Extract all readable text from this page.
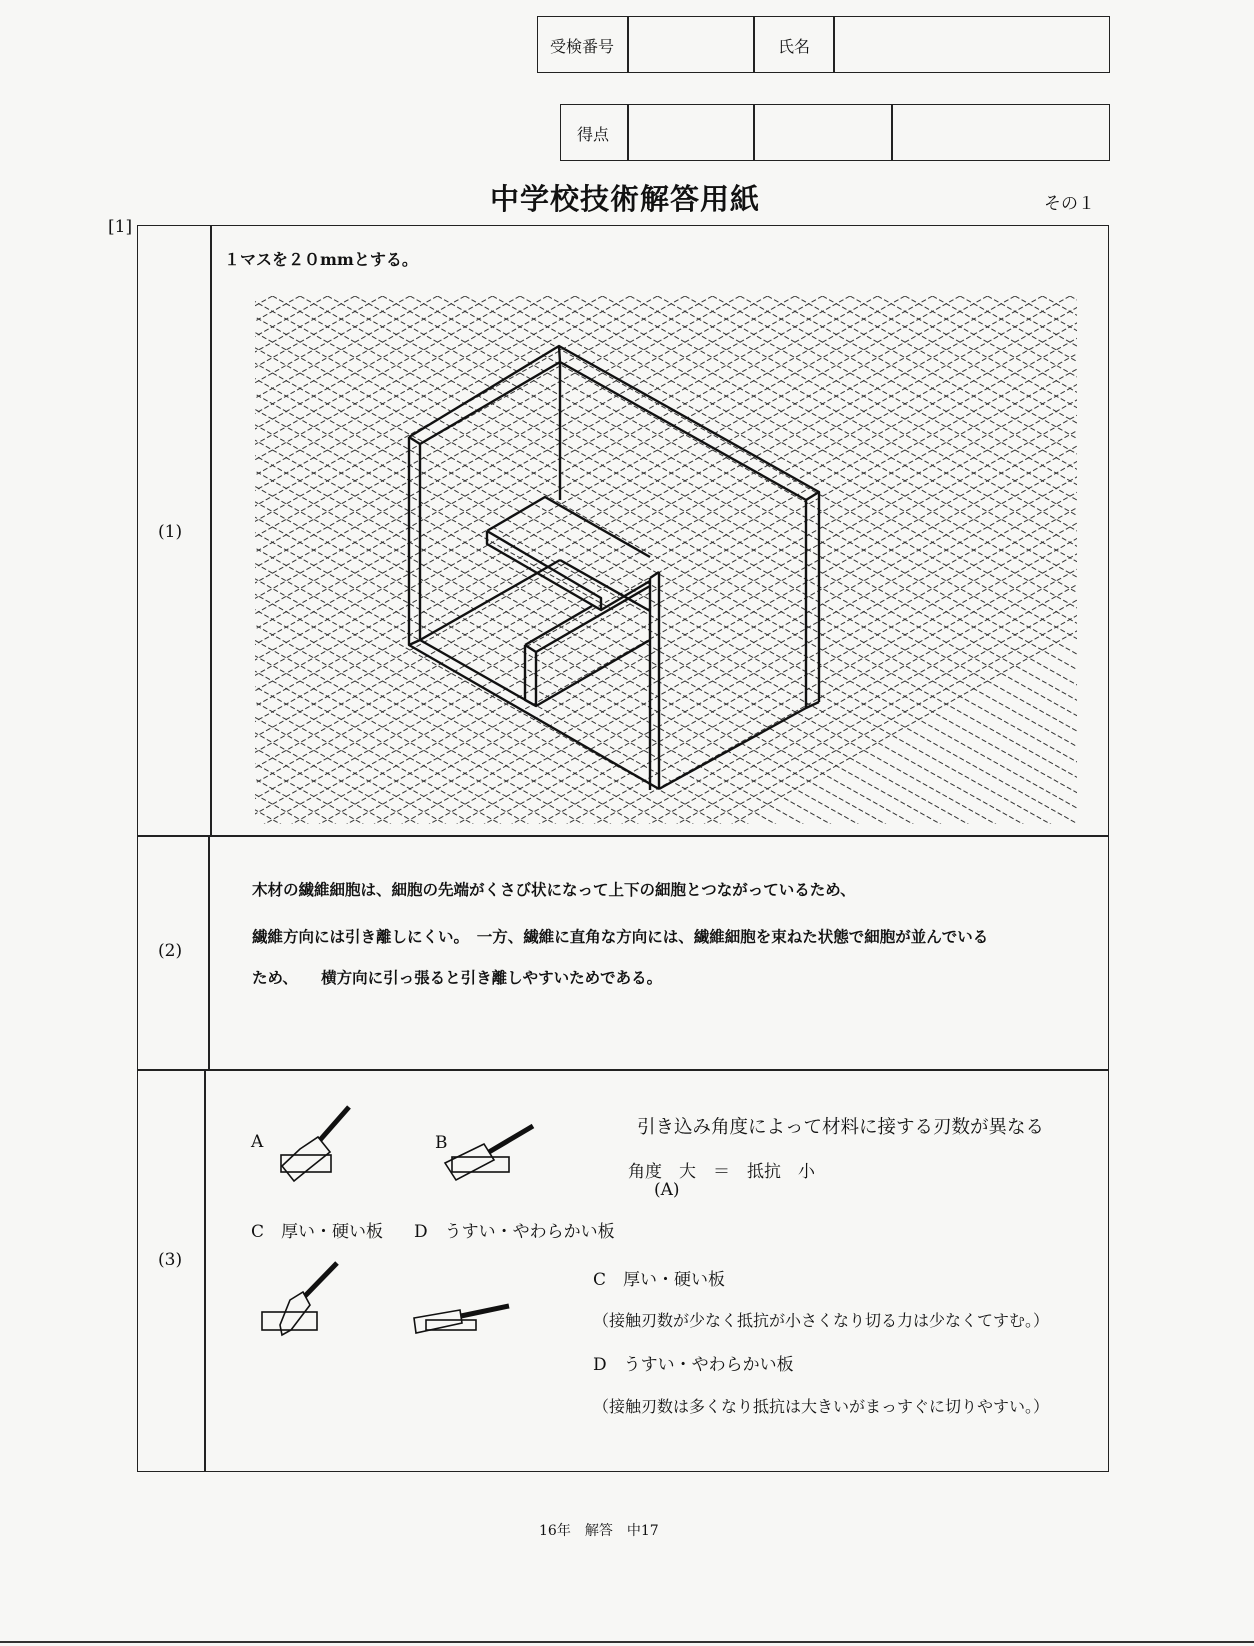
受検番号	氏名
得点
中学校技術解答用紙	その１
[1]
(1)
１マスを２０mmとする。
(2)
木材の繊維細胞は、細胞の先端がくさび状になって上下の細胞とつながっているため、
繊維方向には引き離しにくい。　一方、繊維に直角な方向には、繊維細胞を束ねた状態で細胞が並んでいる
ため、　　横方向に引っ張ると引き離しやすいためである。
(3)
A	B
C　厚い・硬い板 D　うすい・やわらかい板
引き込み角度によって材料に接する刃数が異なる
角度　大　＝　抵抗　小
(A)
C　厚い・硬い板
（接触刃数が少なく抵抗が小さくなり切る力は少なくてすむ。）
D　うすい・やわらかい板
（接触刃数は多くなり抵抗は大きいがまっすぐに切りやすい。）
16年　解答　中17
